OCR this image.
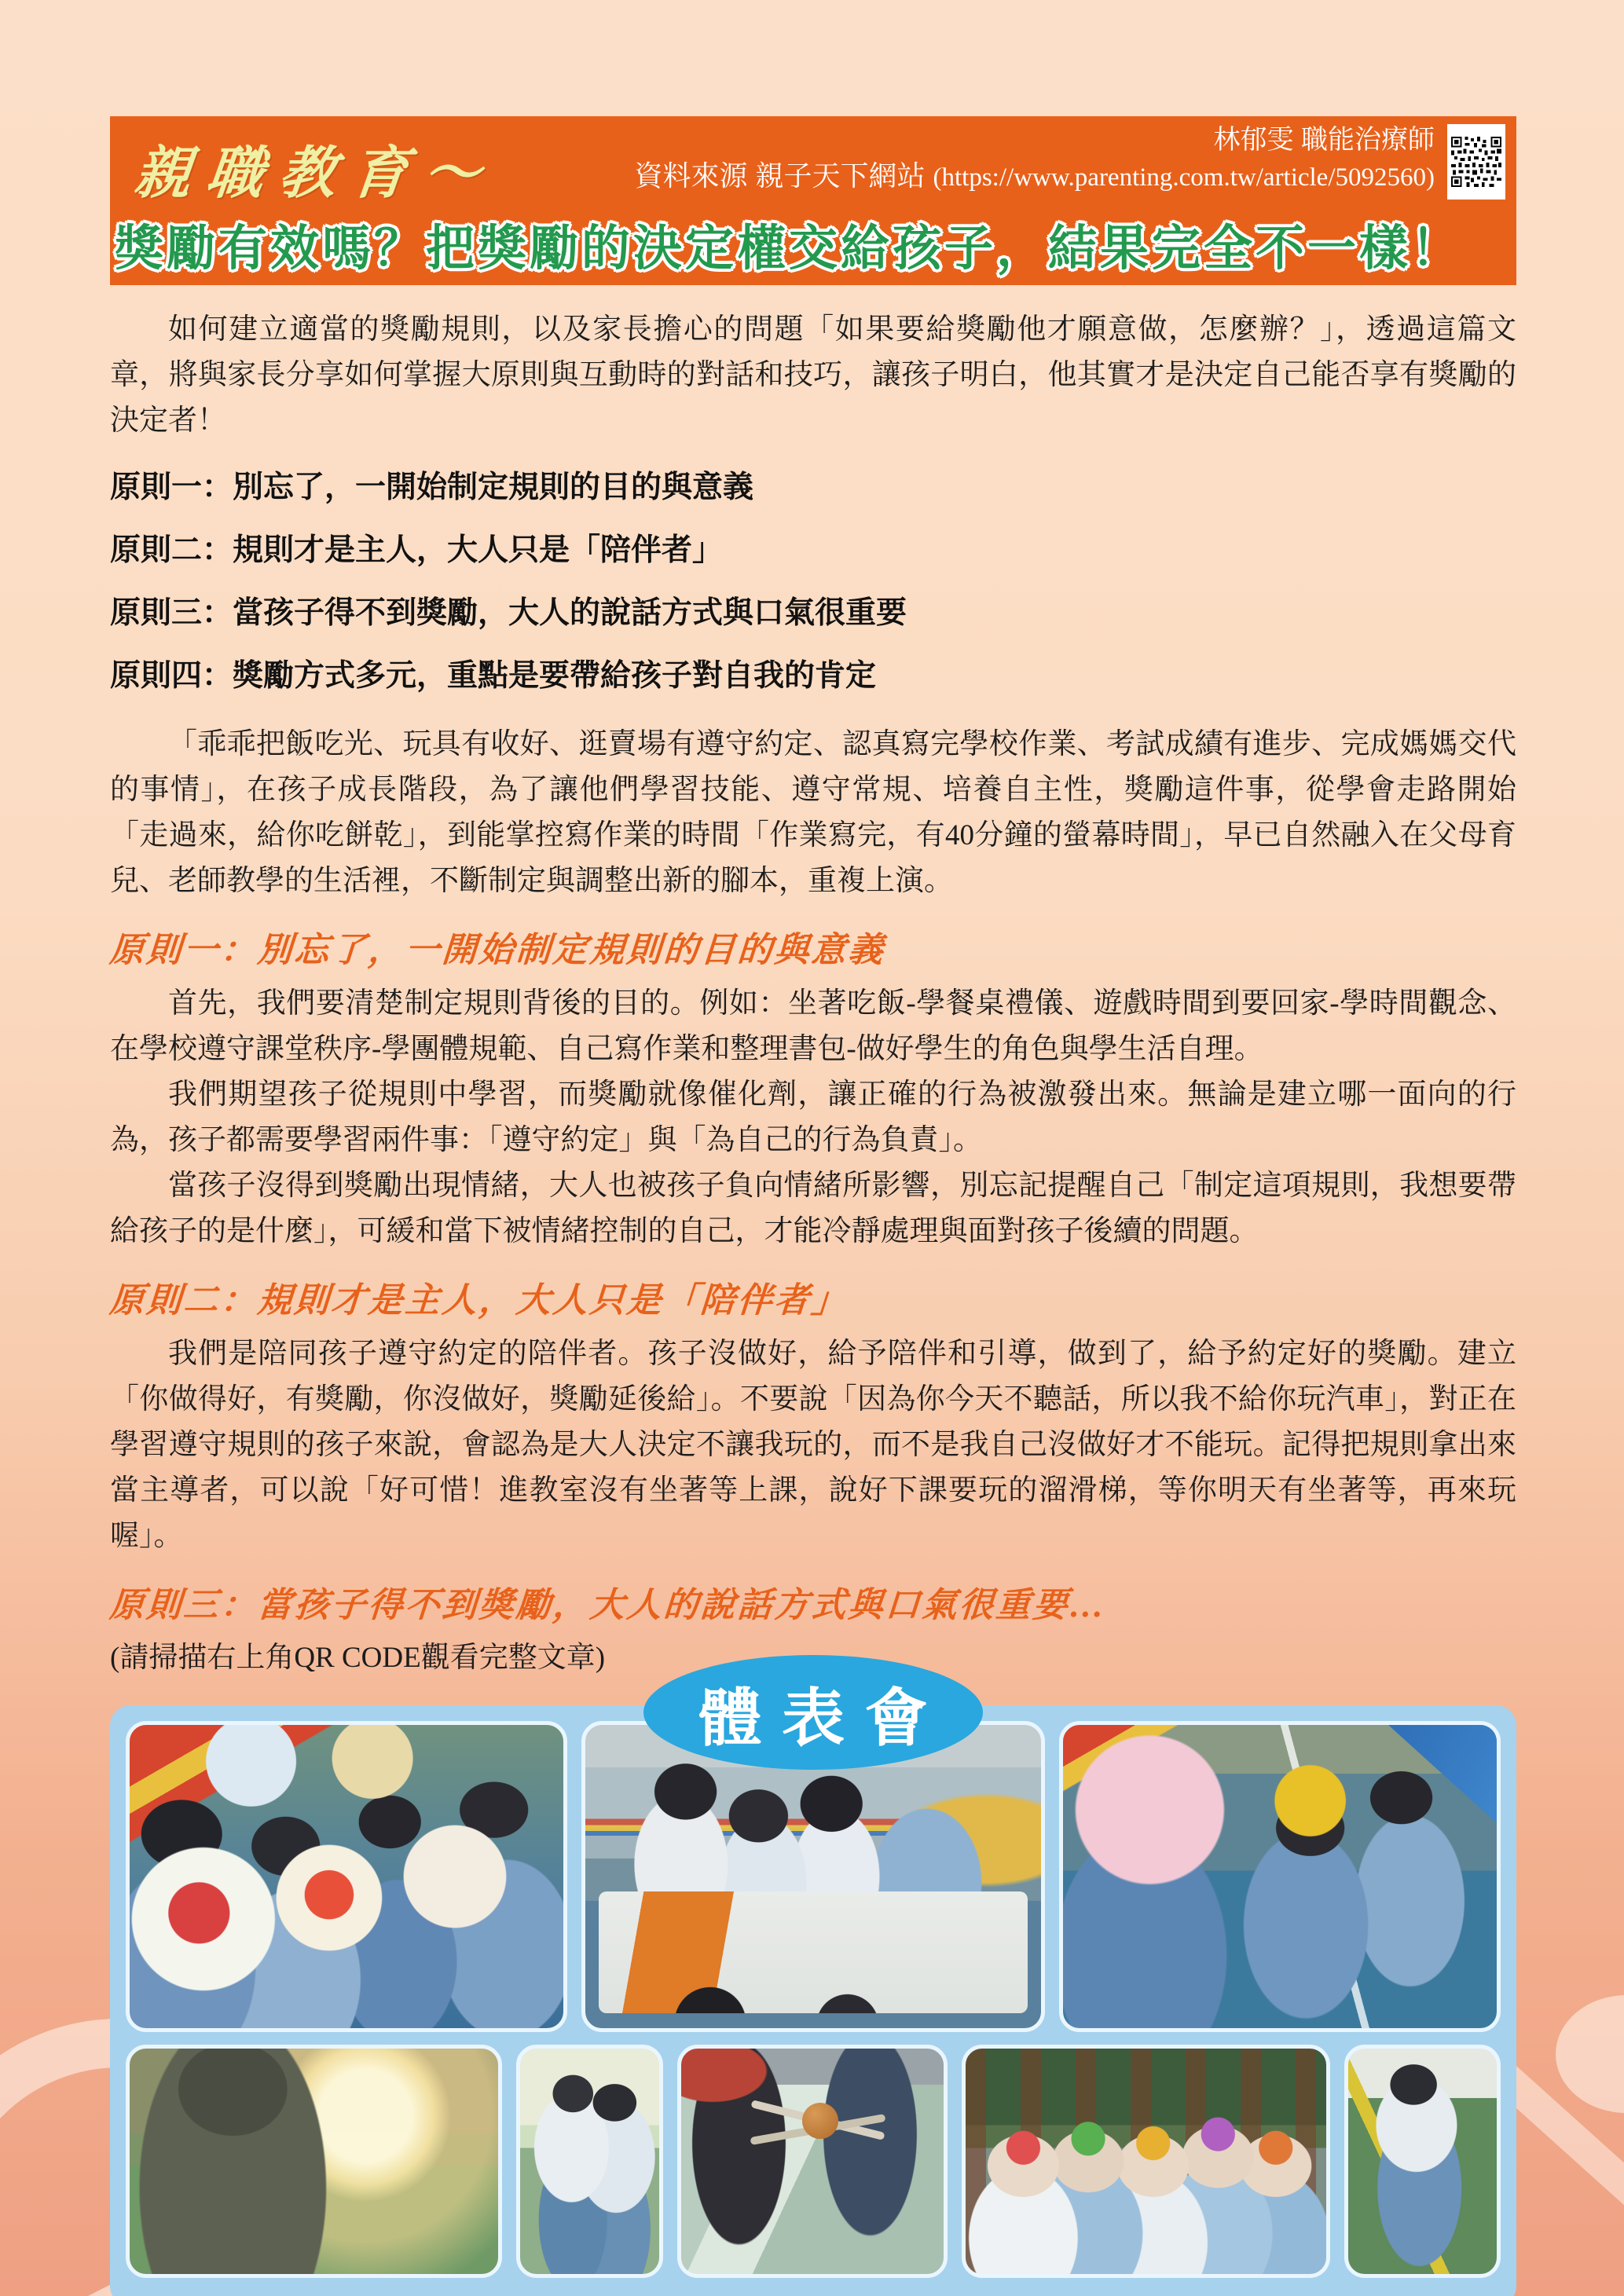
親職教育～
林郁雯 職能治療師
資料來源 親子天下網站 (https://www.parenting.com.tw/article/5092560)
獎勵有效嗎？把獎勵的決定權交給孩子，結果完全不一樣！

如何建立適當的獎勵規則，以及家長擔心的問題「如果要給獎勵他才願意做，怎麼辦？」，透過這篇文章，將與家長分享如何掌握大原則與互動時的對話和技巧，讓孩子明白，他其實才是決定自己能否享有獎勵的決定者！

原則一：別忘了，一開始制定規則的目的與意義
原則二：規則才是主人，大人只是「陪伴者」
原則三：當孩子得不到獎勵，大人的說話方式與口氣很重要
原則四：獎勵方式多元，重點是要帶給孩子對自我的肯定

「乖乖把飯吃光、玩具有收好、逛賣場有遵守約定、認真寫完學校作業、考試成績有進步、完成媽媽交代的事情」，在孩子成長階段，為了讓他們學習技能、遵守常規、培養自主性，獎勵這件事，從學會走路開始「走過來，給你吃餅乾」，到能掌控寫作業的時間「作業寫完，有40分鐘的螢幕時間」，早已自然融入在父母育兒、老師教學的生活裡，不斷制定與調整出新的腳本，重複上演。

原則一：別忘了，一開始制定規則的目的與意義

首先，我們要清楚制定規則背後的目的。例如：坐著吃飯-學餐桌禮儀、遊戲時間到要回家-學時間觀念、在學校遵守課堂秩序-學團體規範、自己寫作業和整理書包-做好學生的角色與學生活自理。

我們期望孩子從規則中學習，而獎勵就像催化劑，讓正確的行為被激發出來。無論是建立哪一面向的行為，孩子都需要學習兩件事：「遵守約定」與「為自己的行為負責」。

當孩子沒得到獎勵出現情緒，大人也被孩子負向情緒所影響，別忘記提醒自己「制定這項規則，我想要帶給孩子的是什麼」，可緩和當下被情緒控制的自己，才能冷靜處理與面對孩子後續的問題。

原則二：規則才是主人，大人只是「陪伴者」

我們是陪同孩子遵守約定的陪伴者。孩子沒做好，給予陪伴和引導，做到了，給予約定好的獎勵。建立「你做得好，有獎勵，你沒做好，獎勵延後給」。不要說「因為你今天不聽話，所以我不給你玩汽車」，對正在學習遵守規則的孩子來說，會認為是大人決定不讓我玩的，而不是我自己沒做好才不能玩。記得把規則拿出來當主導者，可以說「好可惜！進教室沒有坐著等上課，說好下課要玩的溜滑梯，等你明天有坐著等，再來玩喔」。

原則三：當孩子得不到獎勵，大人的說話方式與口氣很重要…
(請掃描右上角QR CODE觀看完整文章)
體表會
